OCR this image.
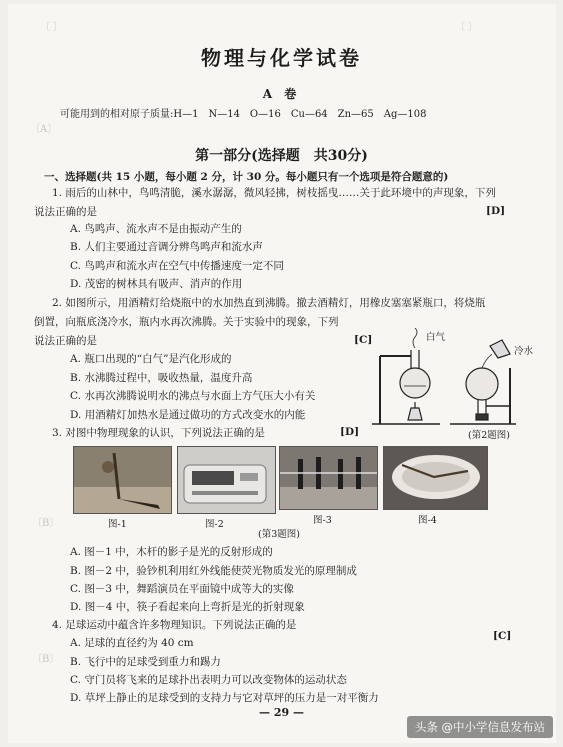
〔 〕	〔 〕
〔A〕
〔B〕
〔B〕
物理与化学试卷
A 卷
可能用到的相对原子质量:H—1　N—14　O—16　Cu—64　Zn—65　Ag—108
第一部分(选择题　共30分)
一、选择题(共 15 小题，每小题 2 分，计 30 分。每小题只有一个选项是符合题意的)
1. 雨后的山林中，鸟鸣清脆，溪水潺潺，微风轻拂，树枝摇曳……关于此环境中的声现象，下列
说法正确的是	[D]
A. 鸟鸣声、流水声不是由振动产生的
B. 人们主要通过音调分辨鸟鸣声和流水声
C. 鸟鸣声和流水声在空气中传播速度一定不同
D. 茂密的树林具有吸声、消声的作用
2. 如图所示，用酒精灯给烧瓶中的水加热直到沸腾。撤去酒精灯，用橡皮塞塞紧瓶口，将烧瓶
倒置，向瓶底浇冷水，瓶内水再次沸腾。关于实验中的现象，下列
说法正确的是	[C]
A. 瓶口出现的“白气”是汽化形成的
B. 水沸腾过程中，吸收热量，温度升高
C. 水再次沸腾说明水的沸点与水面上方气压大小有关
D. 用酒精灯加热水是通过做功的方式改变水的内能
白气
冷水
(第2题图)
3. 对图中物理现象的认识，下列说法正确的是	[D]
图-1	图-2	图-3	图-4
(第3题图)
A. 图－1 中，木杆的影子是光的反射形成的
B. 图－2 中，验钞机利用红外线能使荧光物质发光的原理制成
C. 图－3 中，舞蹈演员在平面镜中成等大的实像
D. 图－4 中，筷子看起来向上弯折是光的折射现象
4. 足球运动中蕴含许多物理知识。下列说法正确的是
[C]
A. 足球的直径约为 40 cm
B. 飞行中的足球受到重力和踢力
C. 守门员将飞来的足球扑出表明力可以改变物体的运动状态
D. 草坪上静止的足球受到的支持力与它对草坪的压力是一对平衡力
— 29 —
头条 @中小学信息发布站
